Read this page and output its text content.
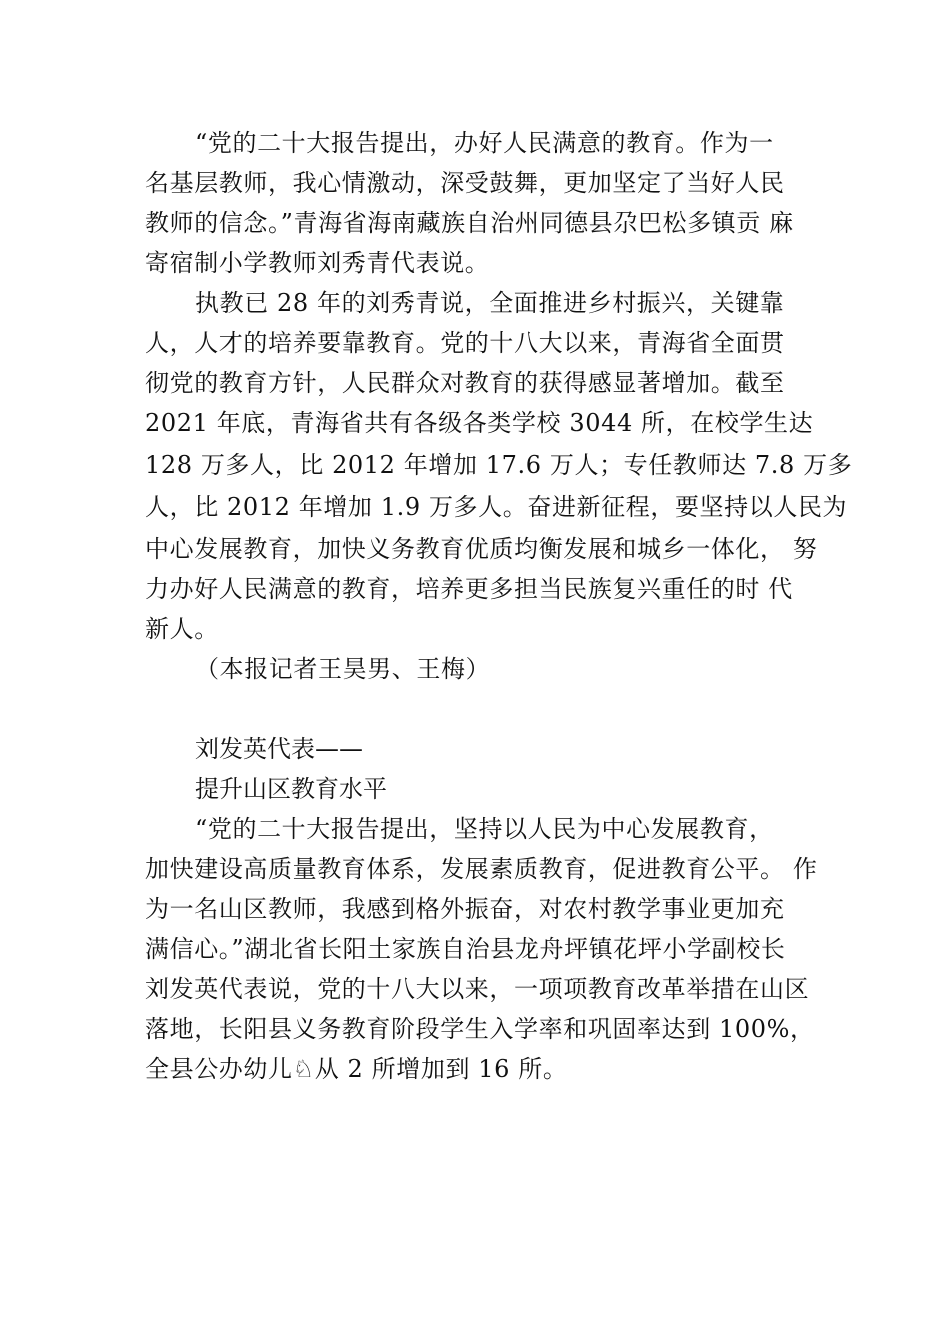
“党的二十大报告提出，办好人民满意的教育。作为一
名基层教师，我心情激动，深受鼓舞，更加坚定了当好人民
教师的信念。”青海省海南藏族自治州同德县尕巴松多镇贡 麻
寄宿制小学教师刘秀青代表说。
执教已 28 年的刘秀青说，全面推进乡村振兴，关键靠
人，人才的培养要靠教育。党的十八大以来，青海省全面贯
彻党的教育方针，人民群众对教育的获得感显著增加。截至
2021 年底，青海省共有各级各类学校 3044 所，在校学生达
128 万多人，比 2012 年增加 17.6 万人；专任教师达 7.8 万多
人，比 2012 年增加 1.9 万多人。奋进新征程，要坚持以人民为
中心发展教育，加快义务教育优质均衡发展和城乡一体化， 努
力办好人民满意的教育，培养更多担当民族复兴重任的时 代
新人。
（本报记者王昊男、王梅）
刘发英代表——
提升山区教育水平
“党的二十大报告提出，坚持以人民为中心发展教育，
加快建设高质量教育体系，发展素质教育，促进教育公平。 作
为一名山区教师，我感到格外振奋，对农村教学事业更加充
满信心。”湖北省长阳土家族自治县龙舟坪镇花坪小学副校长
刘发英代表说，党的十八大以来，一项项教育改革举措在山区
落地，长阳县义务教育阶段学生入学率和巩固率达到 100%，
全县公办幼儿♘从 2 所增加到 16 所。
